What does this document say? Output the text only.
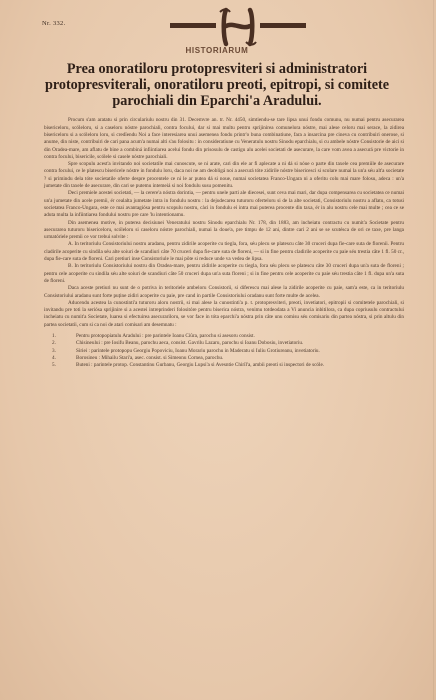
Nr. 332.
HISTORIARUM
Prea onoratiloru protopresviteri si administratori protopresviterali, onoratiloru preoti, epitropi, si comitete parochiali din Eparchi'a Aradului.

Procum s'am aratatu si prin circulariulu nostru din 31. Decemvre an. tr. Nr. 4450, simtiendu-se tare lipsa unui fondu comunu, nu numai pentru asecurarea bisericeloru, scóleloru, si a caseloru nóstre parochiali, contra focului, dar si mai multu pentru sprijinirea comunelora nóstre, mai alese celoru mai serace, la zidirea bisericeloru si a scóleloru loru, si credîendu Noi a face interesiarea unui asemenea fondu printr'o buna combinatiune, fara a insarcina pre cineva cu contribuiri onerose, si anume, din niste, contribuiri de cari pana acum'a numai alti s'au folositu : in consideratiune cu Veneratulu nostru Sinodu eparchialu, si cu ambele nóstre Consistorie de aici si din Oradea-mare, am aflatu de bine a combiná infiintiarea acelui fondu din prisosulu de castigu alu acelei societati de asecurare, la care vom avea a asecurá pre victorie in contra focului, bisericile, scólele si casele nóstre parochiali.

Spre scopulu acest'a invitando noi societatile mai cunoscute, se ni arate, cari din ele ar fi aplecate a ni dá si nóue o parte din taxele cea premiile de asecurare contra focului, ce le platescu bisericele nóstre in fondulu loru, daca noi ne am deobligá noi a asecurá tóte zidirile nóstre bisericesci si scolare numai la un'a séu alt'a societate ? si primindu dela tóte societatile oferte despre procentele ce ni le ar putea dá si noue, numai societatea Franco-Ungara ni a oferitu colu mai mare folosu, adeca : un'a jumetate din taxele de asecurare, din cari se putemu intemeiá si noi fondulu susu pomenitu.

Deci premiele acestei societati, — la cerere'a nóstra dorintia, — pentru unele parti ale diecesei, sunt ceva mai mari, dar dupa compensarea cu societatea ce numai un'a jumetate din acele premii, ér cealalta jumetate intra in fondulu nostru : la dejudecarea tuturoru oferteloru si de la alte societati, Consistoriulu nostru a aflatu, ca totusi societatea Franco-Ungara, este ce mai avantagiósa pentru scopulu nostru, càci in fondulu ei intra mai puterea procente din taxa, ér in alu nostru cele mai multe ; cea ce se aduta multa la infiintiarea fondului nostru pre care 'lu intentionamu.

Din asemenea motive, in puterea decisiunei Veneratului nostru Sinodu eparchialu Nr. 178, din 1883, am incheiatu contractu cu numit'a Societate pentru asecurarea tuturoru bisericeloru, scóleloru si caseloru nóstre parochiali, numai la doue'a, pre timpu de 12 ani, dintre cari 2 ani se se scutésca de ori ce taxe, pre langa urmatóriele premii ce vor trebui solvite :

A. In teritoriulu Consistoriului nostru aradanu, pentru zidirile acoperite cu tiegla, fora, séu plecu se platescu câte 30 cruceri dupa fie-care suta de florenii. Pentru cladirile acoperite cu sindila séu alte soiuri de scandiuri câte 70 cruceri dupa fie-care suta de floreni, — si in fine pentru cladirile acoperite cu paie séu trestia câte 1 fl. 50 cr., dupa fie-care suta de floreni. Cari pretiuri inse Consistoriule le mai pôte si reduce unde va vedea de lipsa.

B. In teritoriulu Consistoriului nostru din Oradea-mare, pentru zidirile acoperite cu tiegla, fora séu plecu se platescu câte 30 cruceri dupa un'a suta de floreni ; pentru cele acoperite cu sindila séu alte soiuri de scandiuri câte 50 cruceri dupa un'a suta floreni ; si in fine pentru cele acoperite cu paie séu trestia câte 1 fl. dupa un'a suta de floreni.

Daca aceste pretiuri nu sunt de o potriva in teritoriele ambeloru Consistorii, si diferescu mai alese la zidirile acoperite cu paie, sam'a este, ca in teritoriulu Consistoriului aradanu sunt forte puține zidiri acoperite cu paie, pre cand in partile Consistoriului oradanu sunt forte multe de aceleа.

Aducendu acestea la cunostinti'a tuturoru aloru nostrii, si mai alese la cunostinti'a p. t. protopresviteri, preoti, invetiatori, epitropii si comitetele parochiali, si invitandu pre toti la seriósa sprijinire si a acestei intreprinderi folositóre pentru biserica nóstra, venimu totdeodata a Vi anuncia inbitilora, ca dupa copriusulu contractului incheiatu cu numit'a Societate, luarea si efectuirea asecurariloru, se vor face in tóta eparchi'a nóstra prin câte unu comisu séu comisariu din partea nóstra, si prin altulu din partea societatii, cum si ca noi de atari comisari am desemnatu :

1.	Pentru protopopiatulu Aradului : pre parintele Ioanu Ciûra, parochu si asesoru consist.
2.	Chisineului : pre Iosifu Beanu, parochu aeca, consist. Gavrilu Lazaru, parochu si Ioanu Dobosiu, invetiatoriu.
3.	Siriei : parintele protopopu Georgiu Popoviciu, Ioanu Morariu parochu in Maderatu si Iuliu Grotiureanu, invetiatoriu.
4.	Borosineu : Mihailu Stari'a, asec. consist. si Simeonu Cornea, parochu.
5.	Buteni : parintele protop. Constantinu Gurbanu, Georgiu Lupsi'a si Avesntie Chirîl'a, ambii preoti si inspectori de scóle.
